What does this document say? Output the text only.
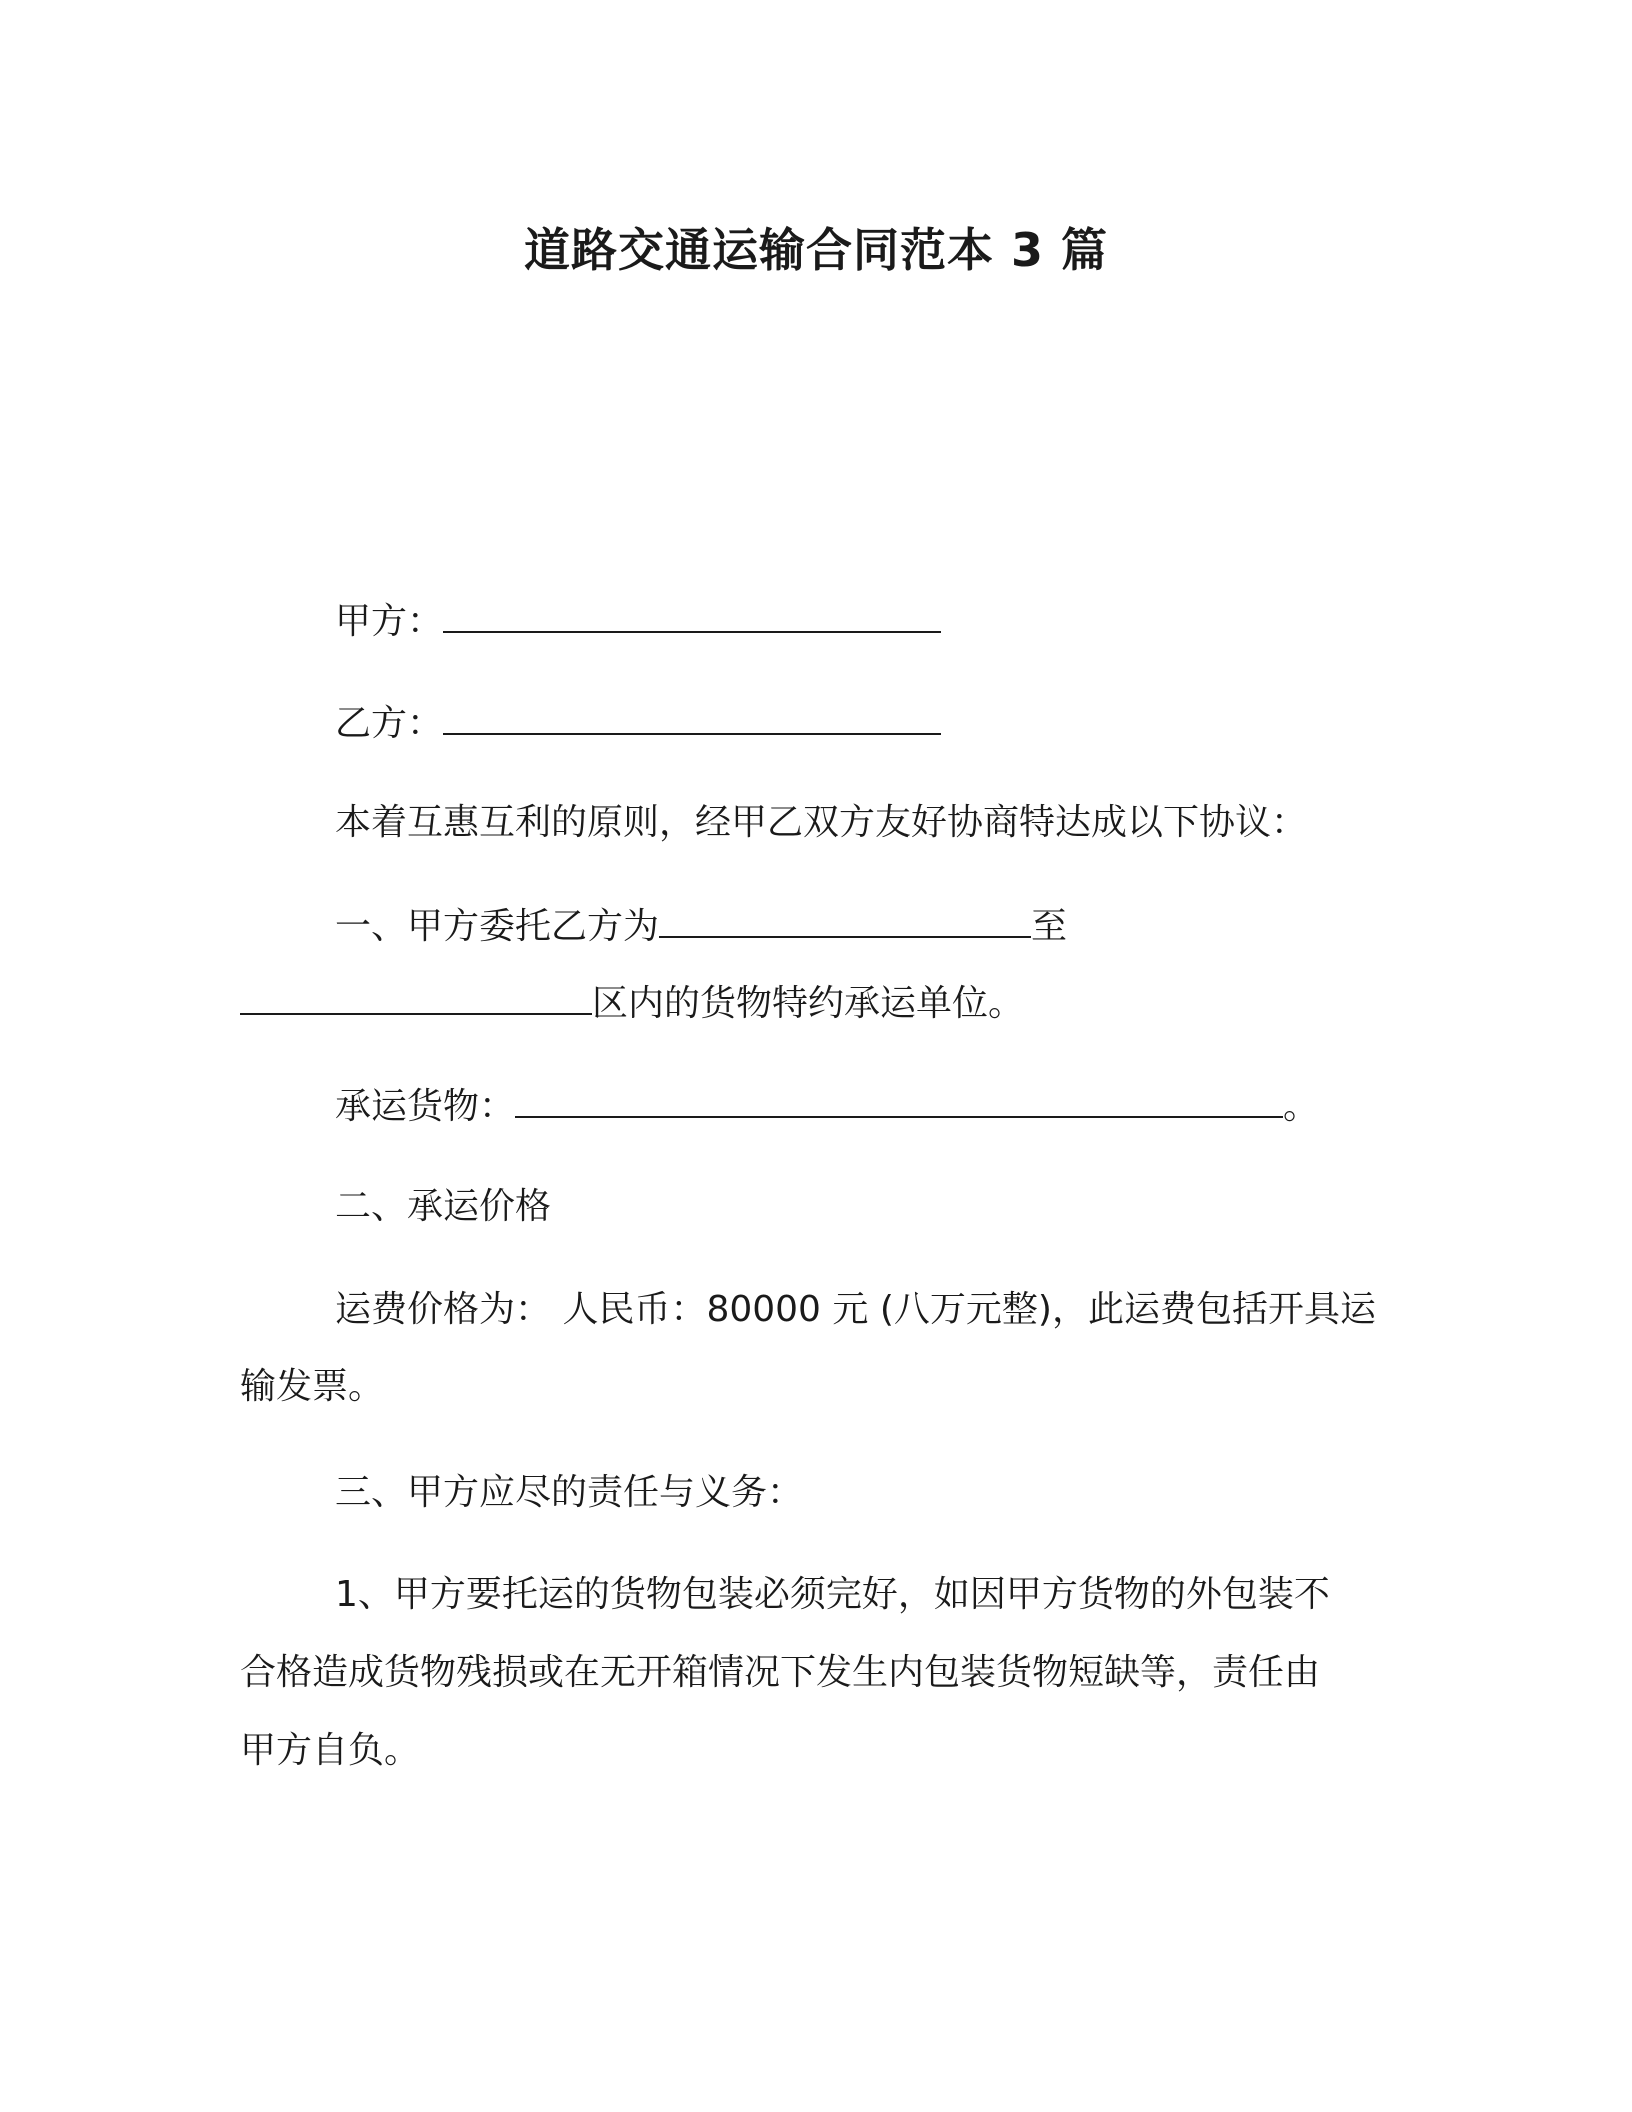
道路交通运输合同范本 3 篇
甲方：
乙方：
本着互惠互利的原则，经甲乙双方友好协商特达成以下协议：
一、甲方委托乙方为	至
区内的货物特约承运单位。
承运货物：	。
二、承运价格
运费价格为： 人民币：80000 元 (八万元整)，此运费包括开具运
输发票。
三、甲方应尽的责任与义务：
1、甲方要托运的货物包装必须完好，如因甲方货物的外包装不
合格造成货物残损或在无开箱情况下发生内包装货物短缺等，责任由
甲方自负。
